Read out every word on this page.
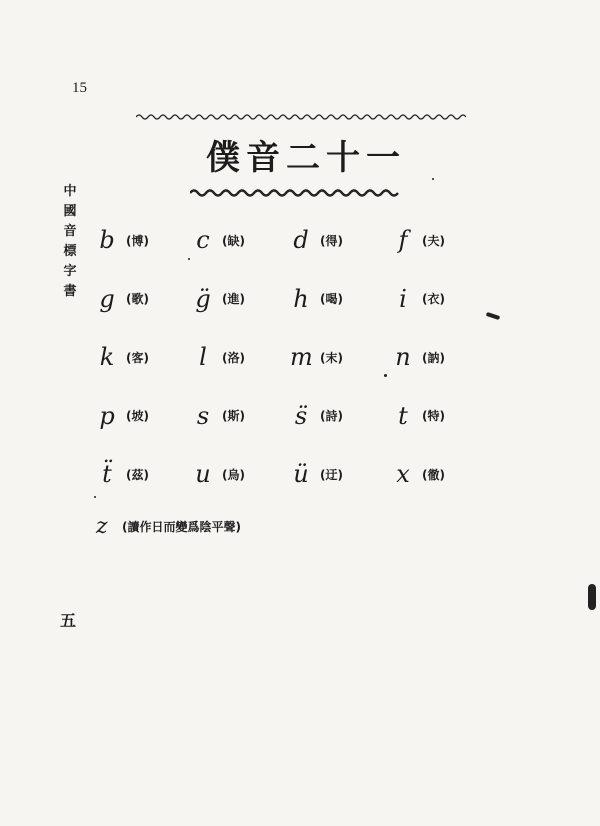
15
中國音標字書
僕音二十一
b (博) c	(缺) d (得) f	(夫)
g (歌) g̈ (進) h (喝) i	(衣)
k (客) l	(洛) m (末) n (訥)
p (坡) s	(斯) s̈	(詩) t	(特)
ẗ	(茲) u (烏) ü (迂) x	(徹)
z	(讀作日而變爲陰平聲)
五
